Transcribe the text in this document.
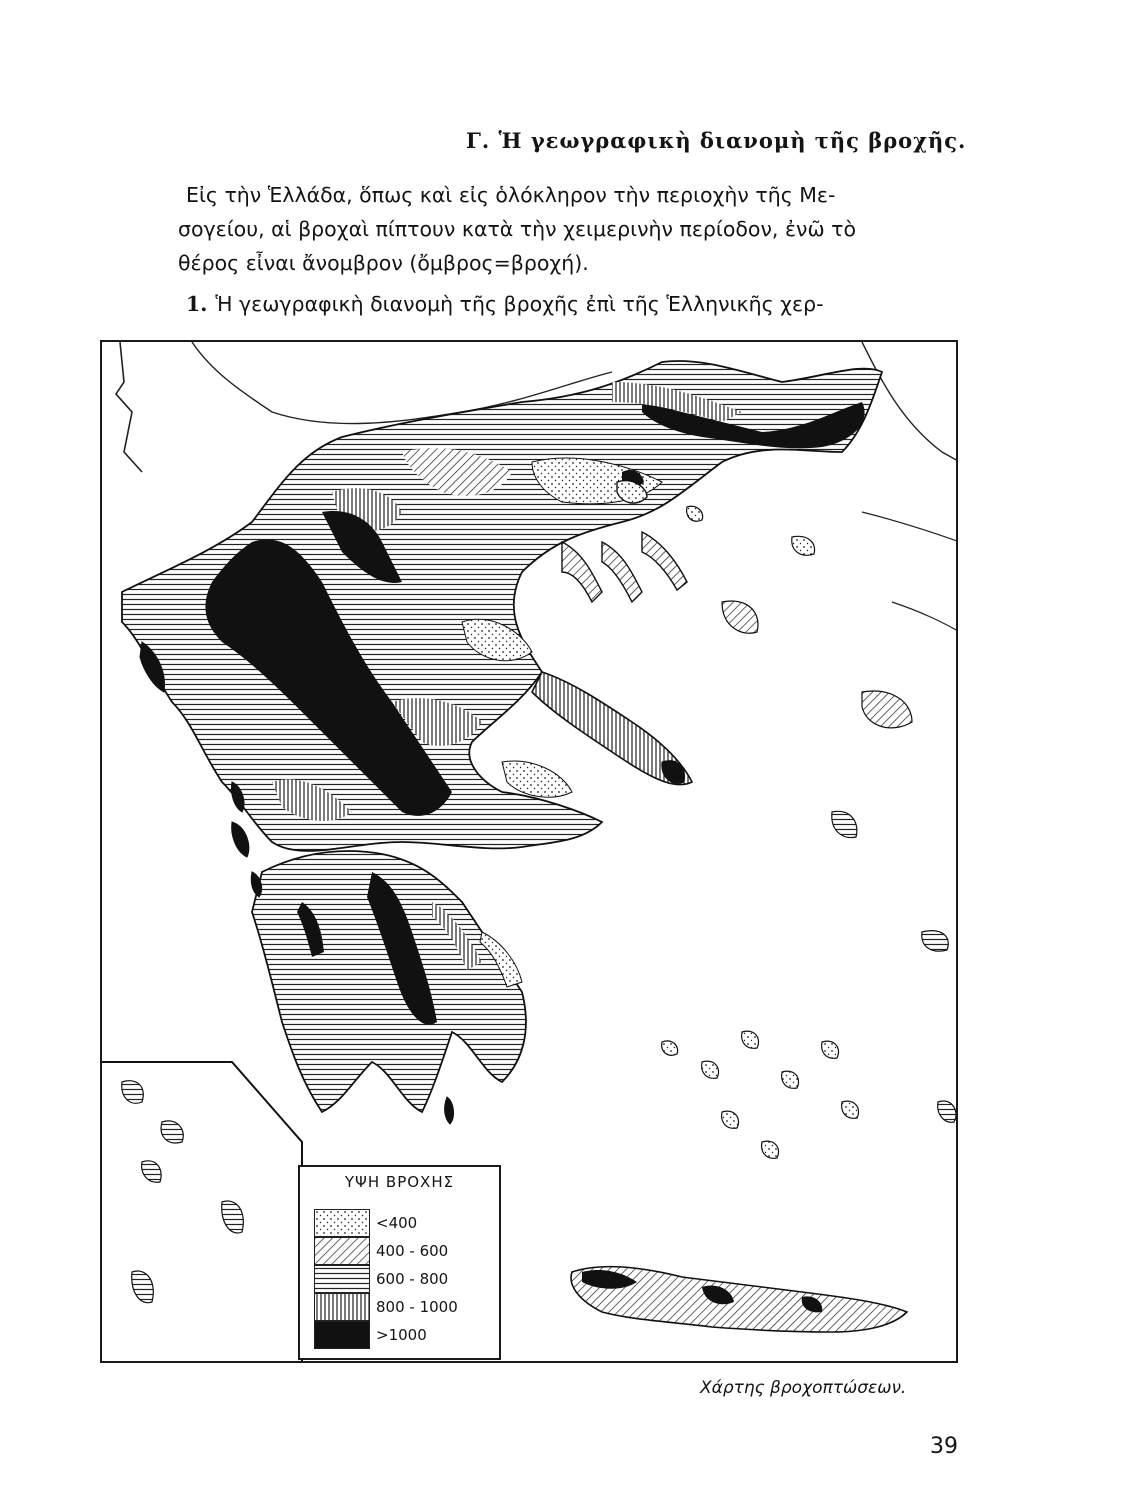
Γ. Ἡ γεωγραφικὴ διανομὴ τῆς βροχῆς.
Εἰς τὴν Ἑλλάδα, ὅπως καὶ εἰς ὁλόκληρον τὴν περιοχὴν τῆς Με-
σογείου, αἱ βροχαὶ πίπτουν κατὰ τὴν χειμερινὴν περίοδον, ἐνῶ τὸ
θέρος εἶναι ἄνομβρον (ὄμβρος=βροχή).
1. Ἡ γεωγραφικὴ διανομὴ τῆς βροχῆς ἐπὶ τῆς Ἑλληνικῆς χερ-
ΥΨΗ ΒΡΟΧΗΣ
<400
400 - 600
600 - 800
800 - 1000
>1000
Χάρτης βροχοπτώσεων.
39
